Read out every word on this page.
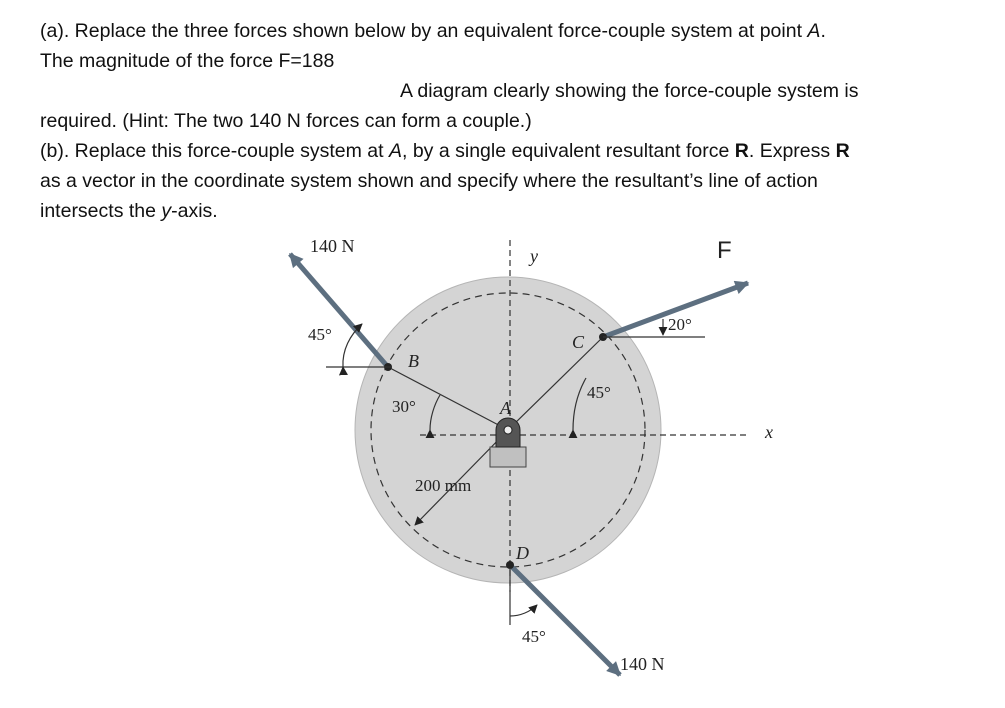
(a). Replace the three forces shown below by an equivalent force-couple system at point A.

The magnitude of the force F=188

A diagram clearly showing the force-couple system is

required. (Hint: The two 140 N forces can form a couple.)

(b). Replace this force-couple system at A, by a single equivalent resultant force R. Express R

as a vector in the coordinate system shown and specify where the resultant’s line of action

intersects the y-axis.

140 N	F
y
x
45°
30°
45°
20°
45°
B
A
C
D
200 mm
140 N
